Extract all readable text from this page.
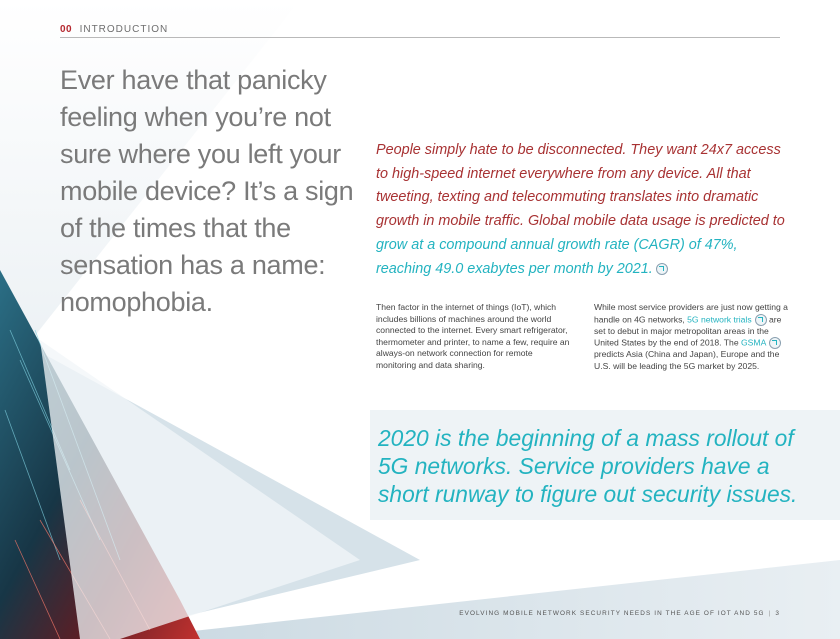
00 INTRODUCTION
Ever have that panicky feeling when you’re not sure where you left your mobile device? It’s a sign of the times that the sensation has a name: nomophobia.
People simply hate to be disconnected. They want 24x7 access to high-speed internet everywhere from any device. All that tweeting, texting and telecommuting translates into dramatic growth in mobile traffic. Global mobile data usage is predicted to grow at a compound annual growth rate (CAGR) of 47%, reaching 49.0 exabytes per month by 2021.
Then factor in the internet of things (IoT), which includes billions of machines around the world connected to the internet. Every smart refrigerator, thermometer and printer, to name a few, require an always-on network connection for remote monitoring and data sharing.
While most service providers are just now getting a handle on 4G networks, 5G network trials are set to debut in major metropolitan areas in the United States by the end of 2018. The GSMA predicts Asia (China and Japan), Europe and the U.S. will be leading the 5G market by 2025.
2020 is the beginning of a mass rollout of 5G networks. Service providers have a short runway to figure out security issues.
EVOLVING MOBILE NETWORK SECURITY NEEDS IN THE AGE OF IOT AND 5G | 3
